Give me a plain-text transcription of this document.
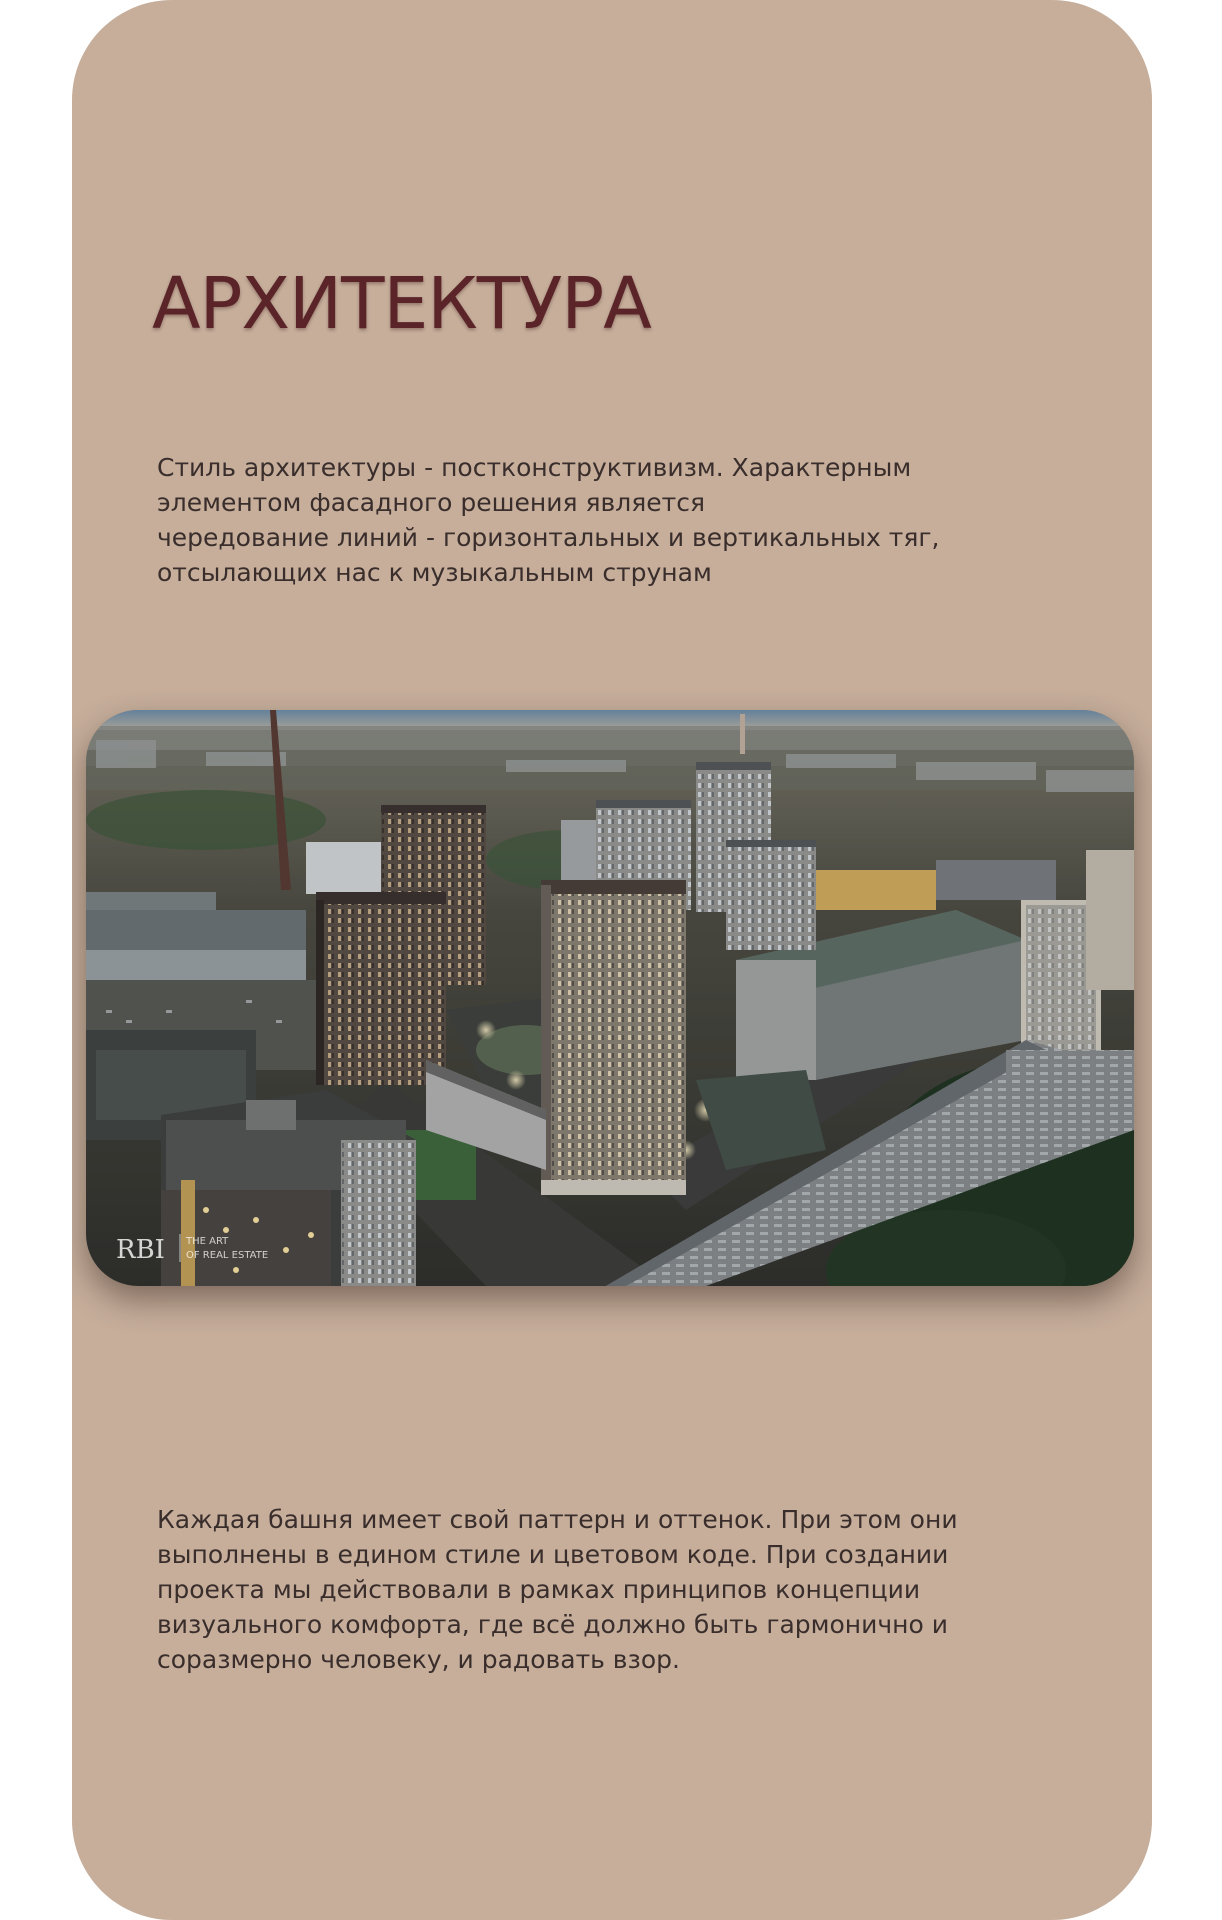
АРХИТЕКТУРА

Стиль архитектуры - постконструктивизм. Характерным
элементом фасадного решения является
чередование линий - горизонтальных и вертикальных тяг,
отсылающих нас к музыкальным струнам

RBI THE ART
OF REAL ESTATE

Каждая башня имеет свой паттерн и оттенок. При этом они
выполнены в едином стиле и цветовом коде. При создании
проекта мы действовали в рамках принципов концепции
визуального комфорта, где всё должно быть гармонично и
соразмерно человеку, и радовать взор.
